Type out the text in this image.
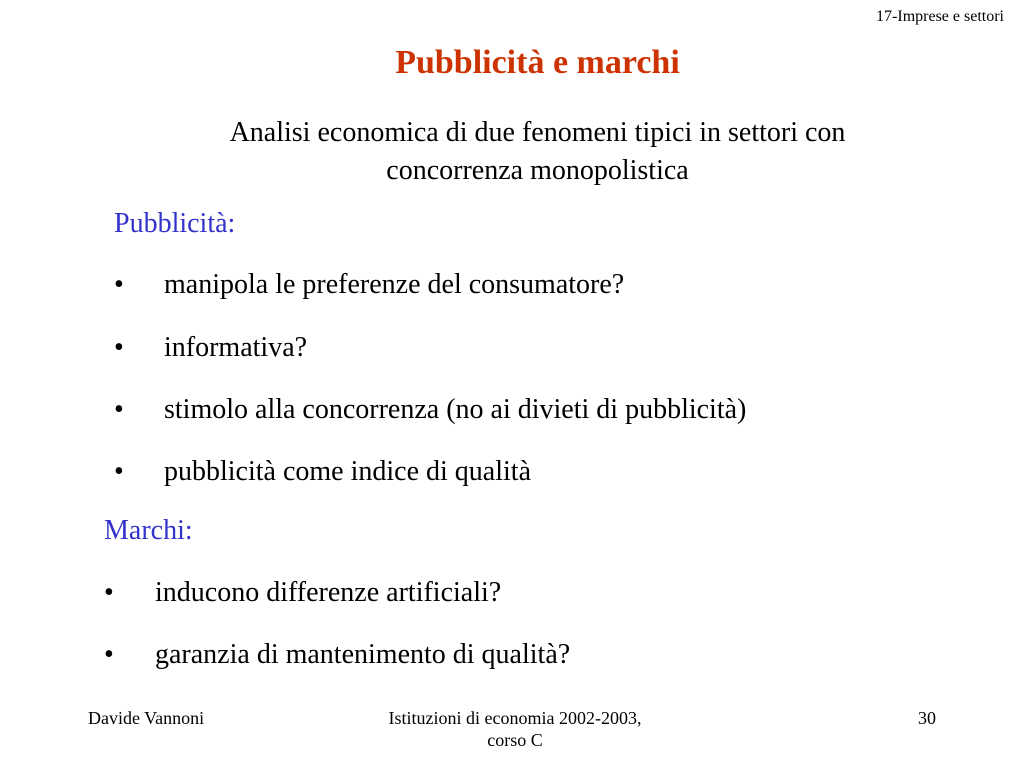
17-Imprese e settori
Pubblicità e marchi
Analisi economica di due fenomeni tipici in settori con
concorrenza monopolistica
Pubblicità:
• manipola le preferenze del consumatore?
• informativa?
• stimolo alla concorrenza (no ai divieti di pubblicità)
• pubblicità come indice di qualità
Marchi:
• inducono differenze artificiali?
• garanzia di mantenimento di qualità?
Davide Vannoni	Istituzioni di economia 2002-2003,
corso C
30
